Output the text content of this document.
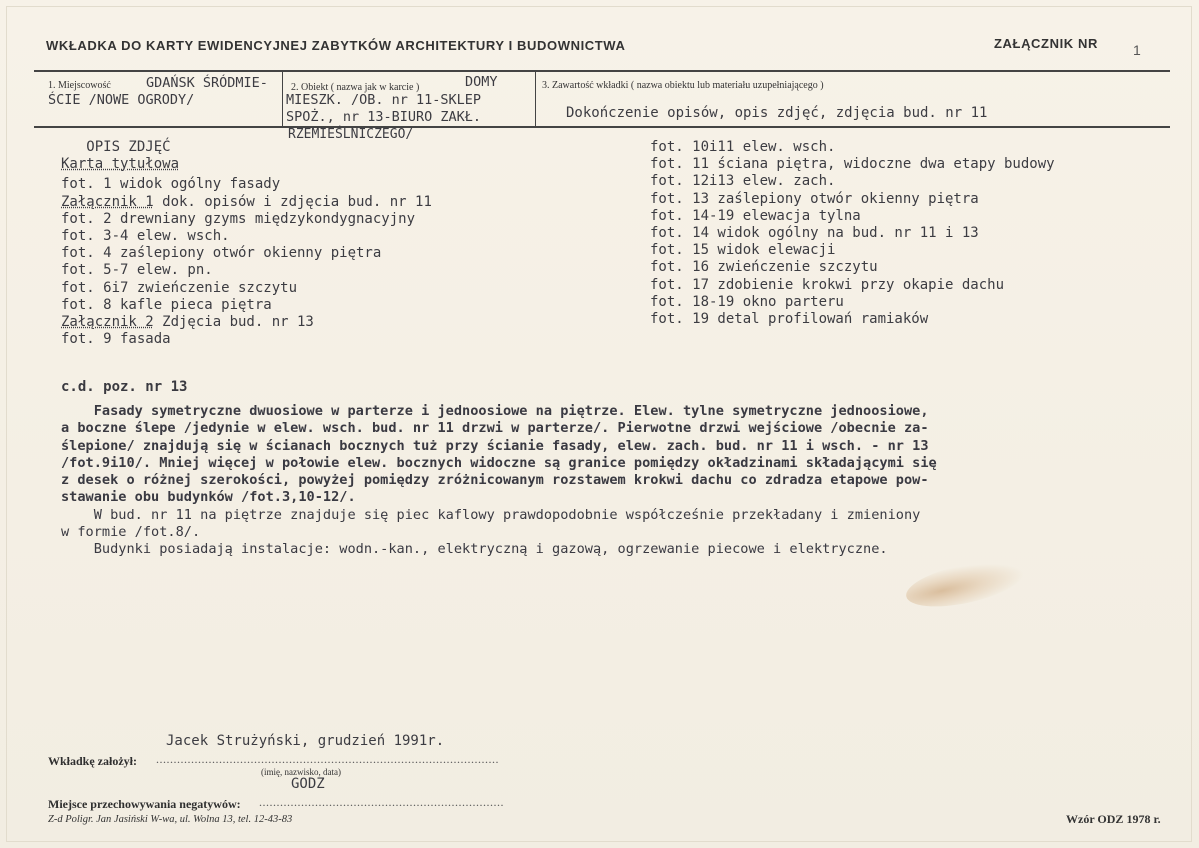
WKŁADKA DO KARTY EWIDENCYJNEJ ZABYTKÓW ARCHITEKTURY I BUDOWNICTWA	ZAŁĄCZNIK NR	1
1. Miejscowość	GDAŃSK ŚRÓDMIE-
ŚCIE /NOWE OGRODY/
2. Obiekt ( nazwa jak w karcie )	DOMY
MIESZK. /OB. nr 11-SKLEP
SPOŻ., nr 13-BIURO ZAKŁ.
RZEMIEŚLNICZEGO/
3. Zawartość wkładki ( nazwa obiektu lub materiału uzupełniającego )
Dokończenie opisów, opis zdjęć, zdjęcia bud. nr 11
OPIS ZDJĘĆ
Karta tytułowa
fot. 1 widok ogólny fasady
Załącznik 1 dok. opisów i zdjęcia bud. nr 11
fot. 2 drewniany gzyms międzykondygnacyjny
fot. 3-4 elew. wsch.
fot. 4 zaślepiony otwór okienny piętra
fot. 5-7 elew. pn.
fot. 6i7 zwieńczenie szczytu
fot. 8 kafle pieca piętra
Załącznik 2 Zdjęcia bud. nr 13
fot. 9 fasada
fot. 10i11 elew. wsch.
fot. 11 ściana piętra, widoczne dwa etapy budowy
fot. 12i13 elew. zach.
fot. 13 zaślepiony otwór okienny piętra
fot. 14-19 elewacja tylna
fot. 14 widok ogólny na bud. nr 11 i 13
fot. 15 widok elewacji
fot. 16 zwieńczenie szczytu
fot. 17 zdobienie krokwi przy okapie dachu
fot. 18-19 okno parteru
fot. 19 detal profilowań ramiaków
c.d. poz. nr 13
Fasady symetryczne dwuosiowe w parterze i jednoosiowe na piętrze. Elew. tylne symetryczne jednoosiowe,
a boczne ślepe /jedynie w elew. wsch. bud. nr 11 drzwi w parterze/. Pierwotne drzwi wejściowe /obecnie za-
ślepione/ znajdują się w ścianach bocznych tuż przy ścianie fasady, elew. zach. bud. nr 11 i wsch. - nr 13
/fot.9i10/. Mniej więcej w połowie elew. bocznych widoczne są granice pomiędzy okładzinami składającymi się
z desek o różnej szerokości, powyżej pomiędzy zróżnicowanym rozstawem krokwi dachu co zdradza etapowe pow-
stawanie obu budynków /fot.3,10-12/.
W bud. nr 11 na piętrze znajduje się piec kaflowy prawdopodobnie współcześnie przekładany i zmieniony
w formie /fot.8/.
Budynki posiadają instalacje: wodn.-kan., elektryczną i gazową, ogrzewanie piecowe i elektryczne.
Jacek Strużyński, grudzień 1991r.
Wkładkę założył: ..................................................................................................
(imię, nazwisko, data)
GODZ
Miejsce przechowywania negatywów: ......................................................................
Z-d Poligr. Jan Jasiński W-wa, ul. Wolna 13, tel. 12-43-83	Wzór ODZ 1978 r.
